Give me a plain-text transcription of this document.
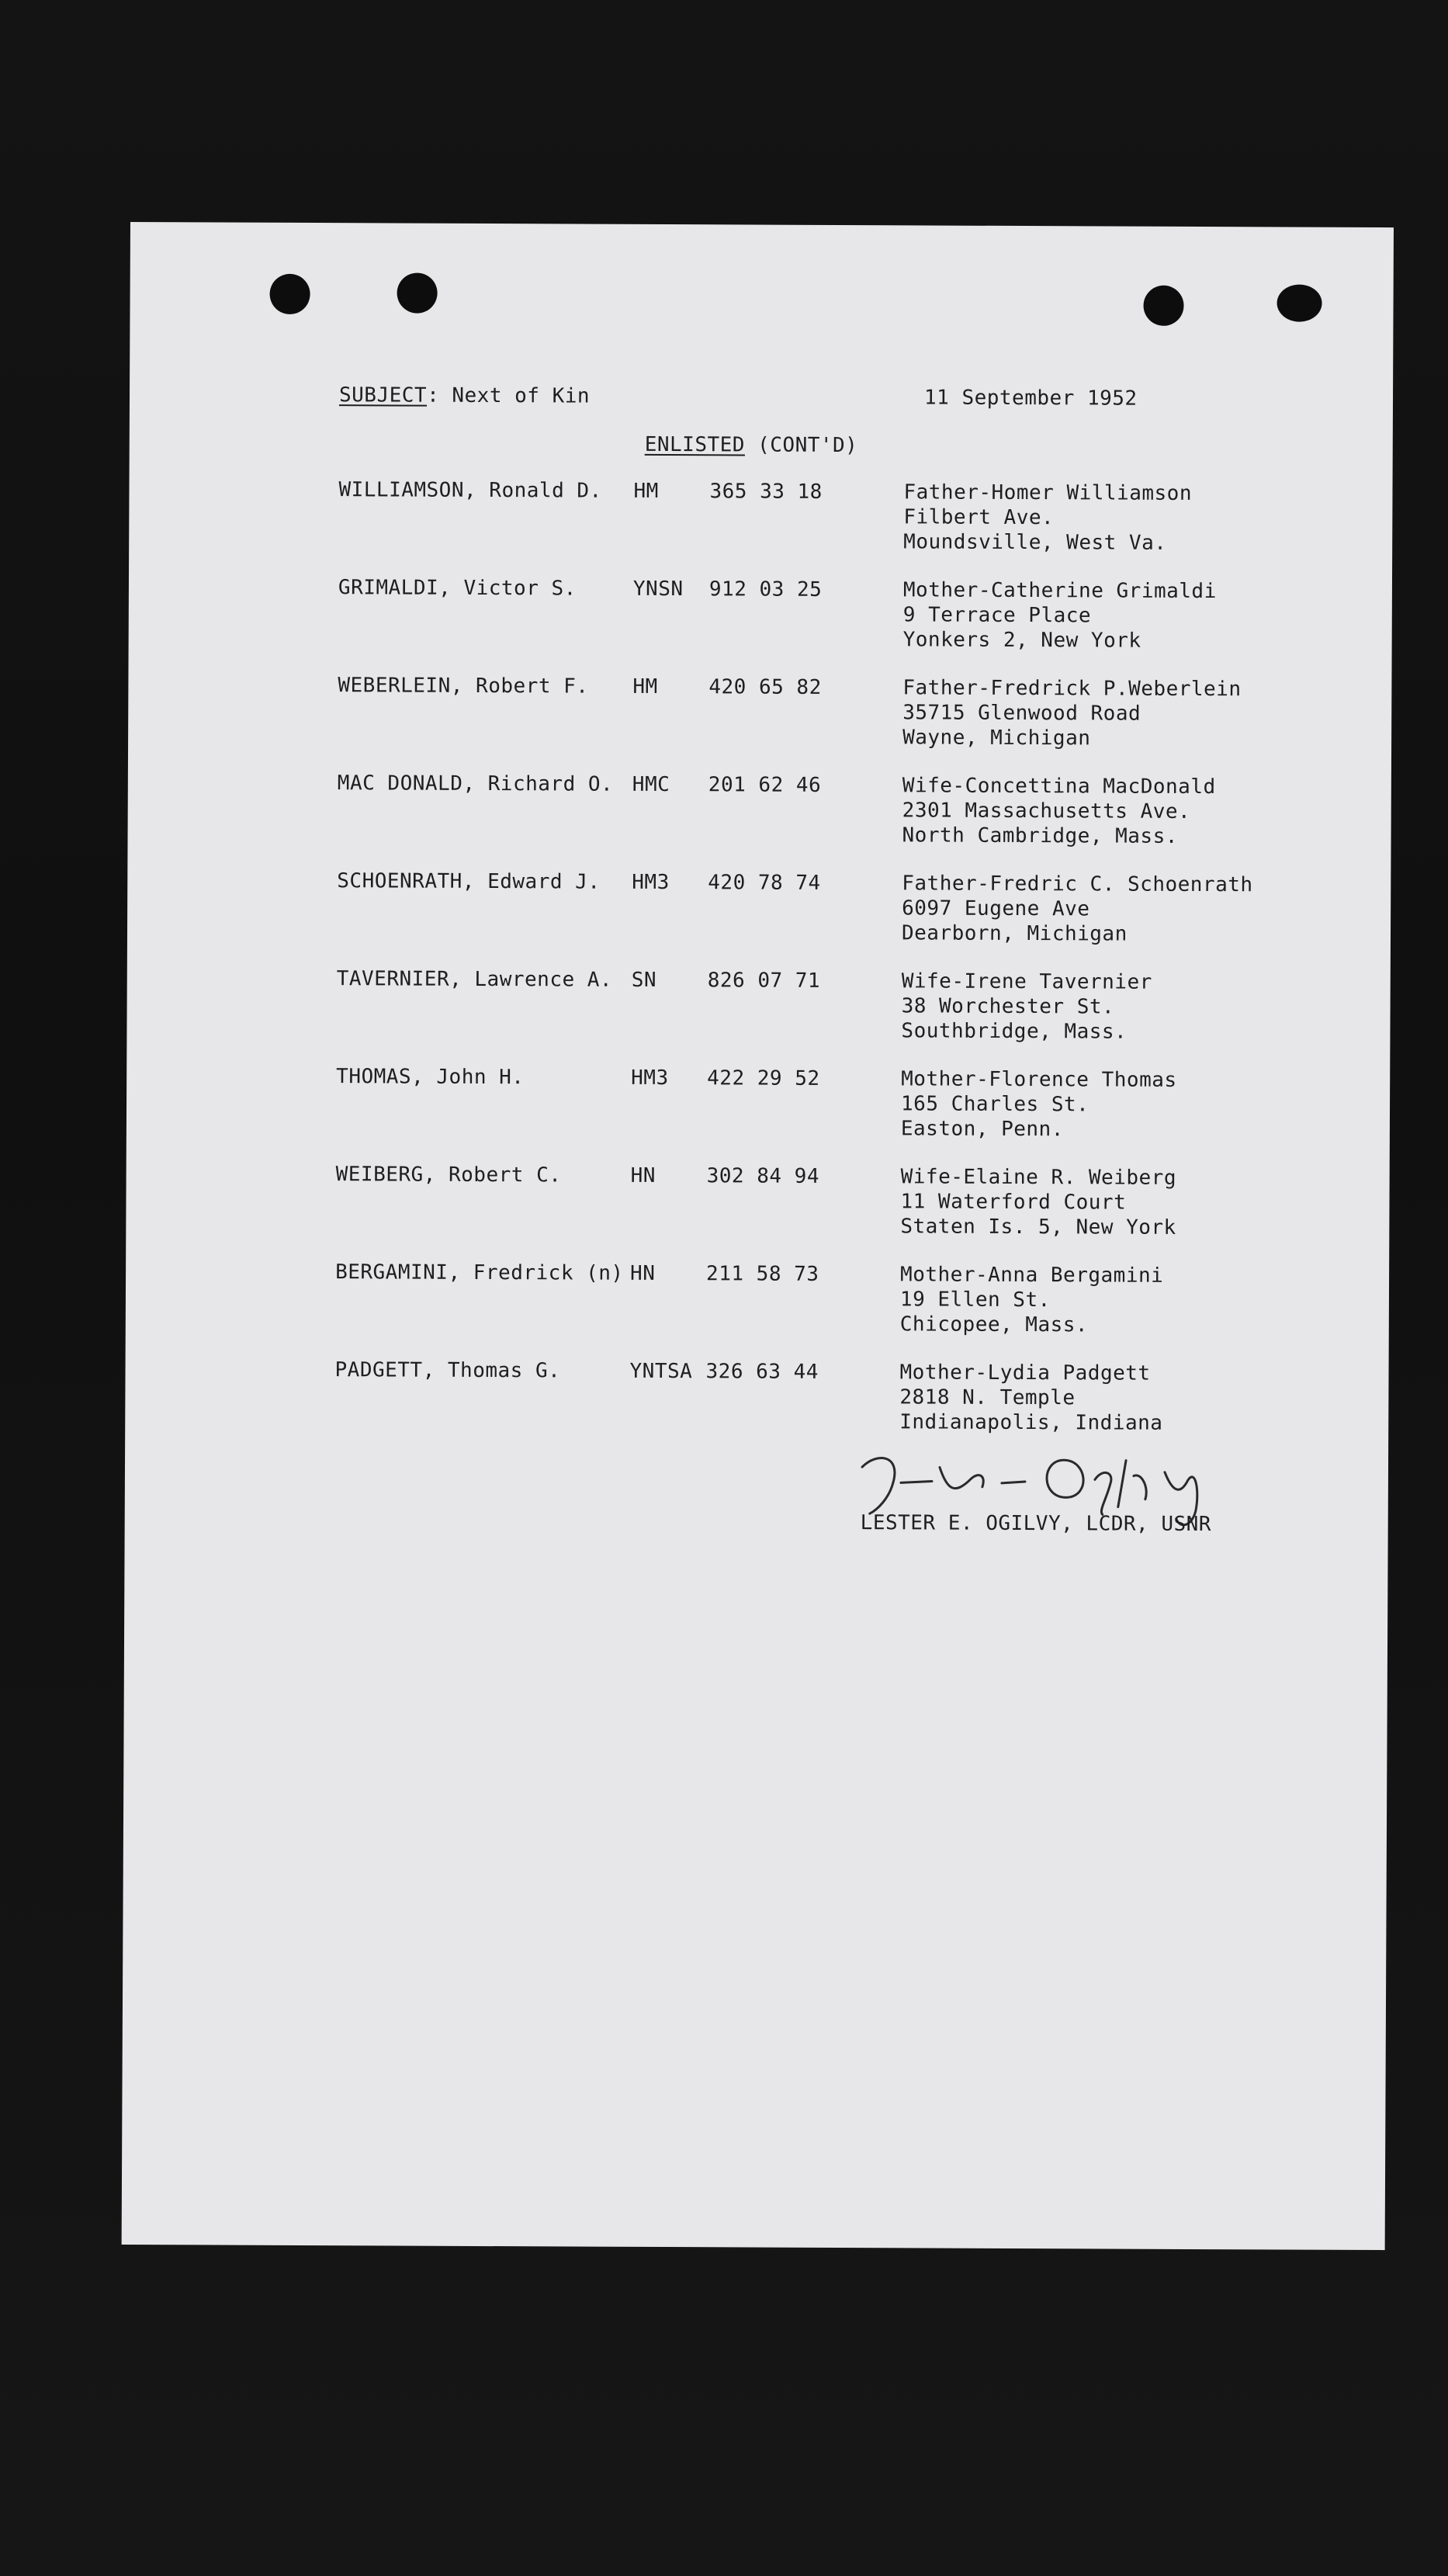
SUBJECT: Next of Kin	11 September 1952
ENLISTED (CONT'D)
WILLIAMSON, Ronald D. HM	365 33 18	Father-Homer Williamson
Filbert Ave.
Moundsville, West Va.
GRIMALDI, Victor S.	YNSN 912 03 25	Mother-Catherine Grimaldi
9 Terrace Place
Yonkers 2, New York
WEBERLEIN, Robert F. HM	420 65 82	Father-Fredrick P.Weberlein
35715 Glenwood Road
Wayne, Michigan
MAC DONALD, Richard O. HMC 201 62 46	Wife-Concettina MacDonald
2301 Massachusetts Ave.
North Cambridge, Mass.
SCHOENRATH, Edward J. HM3 420 78 74	Father-Fredric C. Schoenrath
6097 Eugene Ave
Dearborn, Michigan
TAVERNIER, Lawrence A. SN	826 07 71	Wife-Irene Tavernier
38 Worchester St.
Southbridge, Mass.
THOMAS, John H.	HM3 422 29 52	Mother-Florence Thomas
165 Charles St.
Easton, Penn.
WEIBERG, Robert C.	HN	302 84 94	Wife-Elaine R. Weiberg
11 Waterford Court
Staten Is. 5, New York
BERGAMINI, Fredrick (n) HN	211 58 73	Mother-Anna Bergamini
19 Ellen St.
Chicopee, Mass.
PADGETT, Thomas G.	YNTSA 326 63 44	Mother-Lydia Padgett
2818 N. Temple
Indianapolis, Indiana
LESTER E. OGILVY, LCDR, USNR
